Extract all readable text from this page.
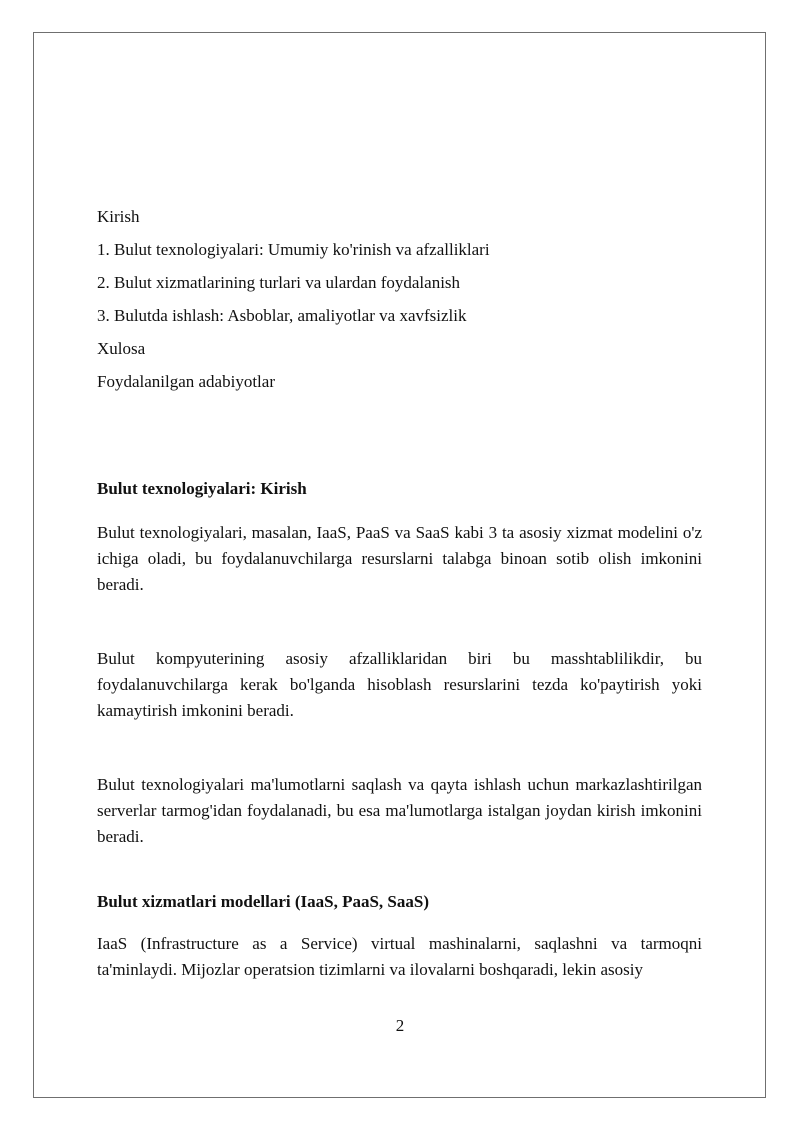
Kirish
1. Bulut texnologiyalari: Umumiy ko'rinish va afzalliklari
2. Bulut xizmatlarining turlari va ulardan foydalanish
3. Bulutda ishlash: Asboblar, amaliyotlar va xavfsizlik
Xulosa
Foydalanilgan adabiyotlar
Bulut texnologiyalari: Kirish
Bulut texnologiyalari, masalan, IaaS, PaaS va SaaS kabi 3 ta asosiy xizmat modelini o'z ichiga oladi, bu foydalanuvchilarga resurslarni talabga binoan sotib olish imkonini beradi.
Bulut kompyuterining asosiy afzalliklaridan biri bu masshtablilikdir, bu foydalanuvchilarga kerak bo'lganda hisoblash resurslarini tezda ko'paytirish yoki kamaytirish imkonini beradi.
Bulut texnologiyalari ma'lumotlarni saqlash va qayta ishlash uchun markazlashtirilgan serverlar tarmog'idan foydalanadi, bu esa ma'lumotlarga istalgan joydan kirish imkonini beradi.
Bulut xizmatlari modellari (IaaS, PaaS, SaaS)
IaaS (Infrastructure as a Service) virtual mashinalarni, saqlashni va tarmoqni ta'minlaydi. Mijozlar operatsion tizimlarni va ilovalarni boshqaradi, lekin asosiy
2
